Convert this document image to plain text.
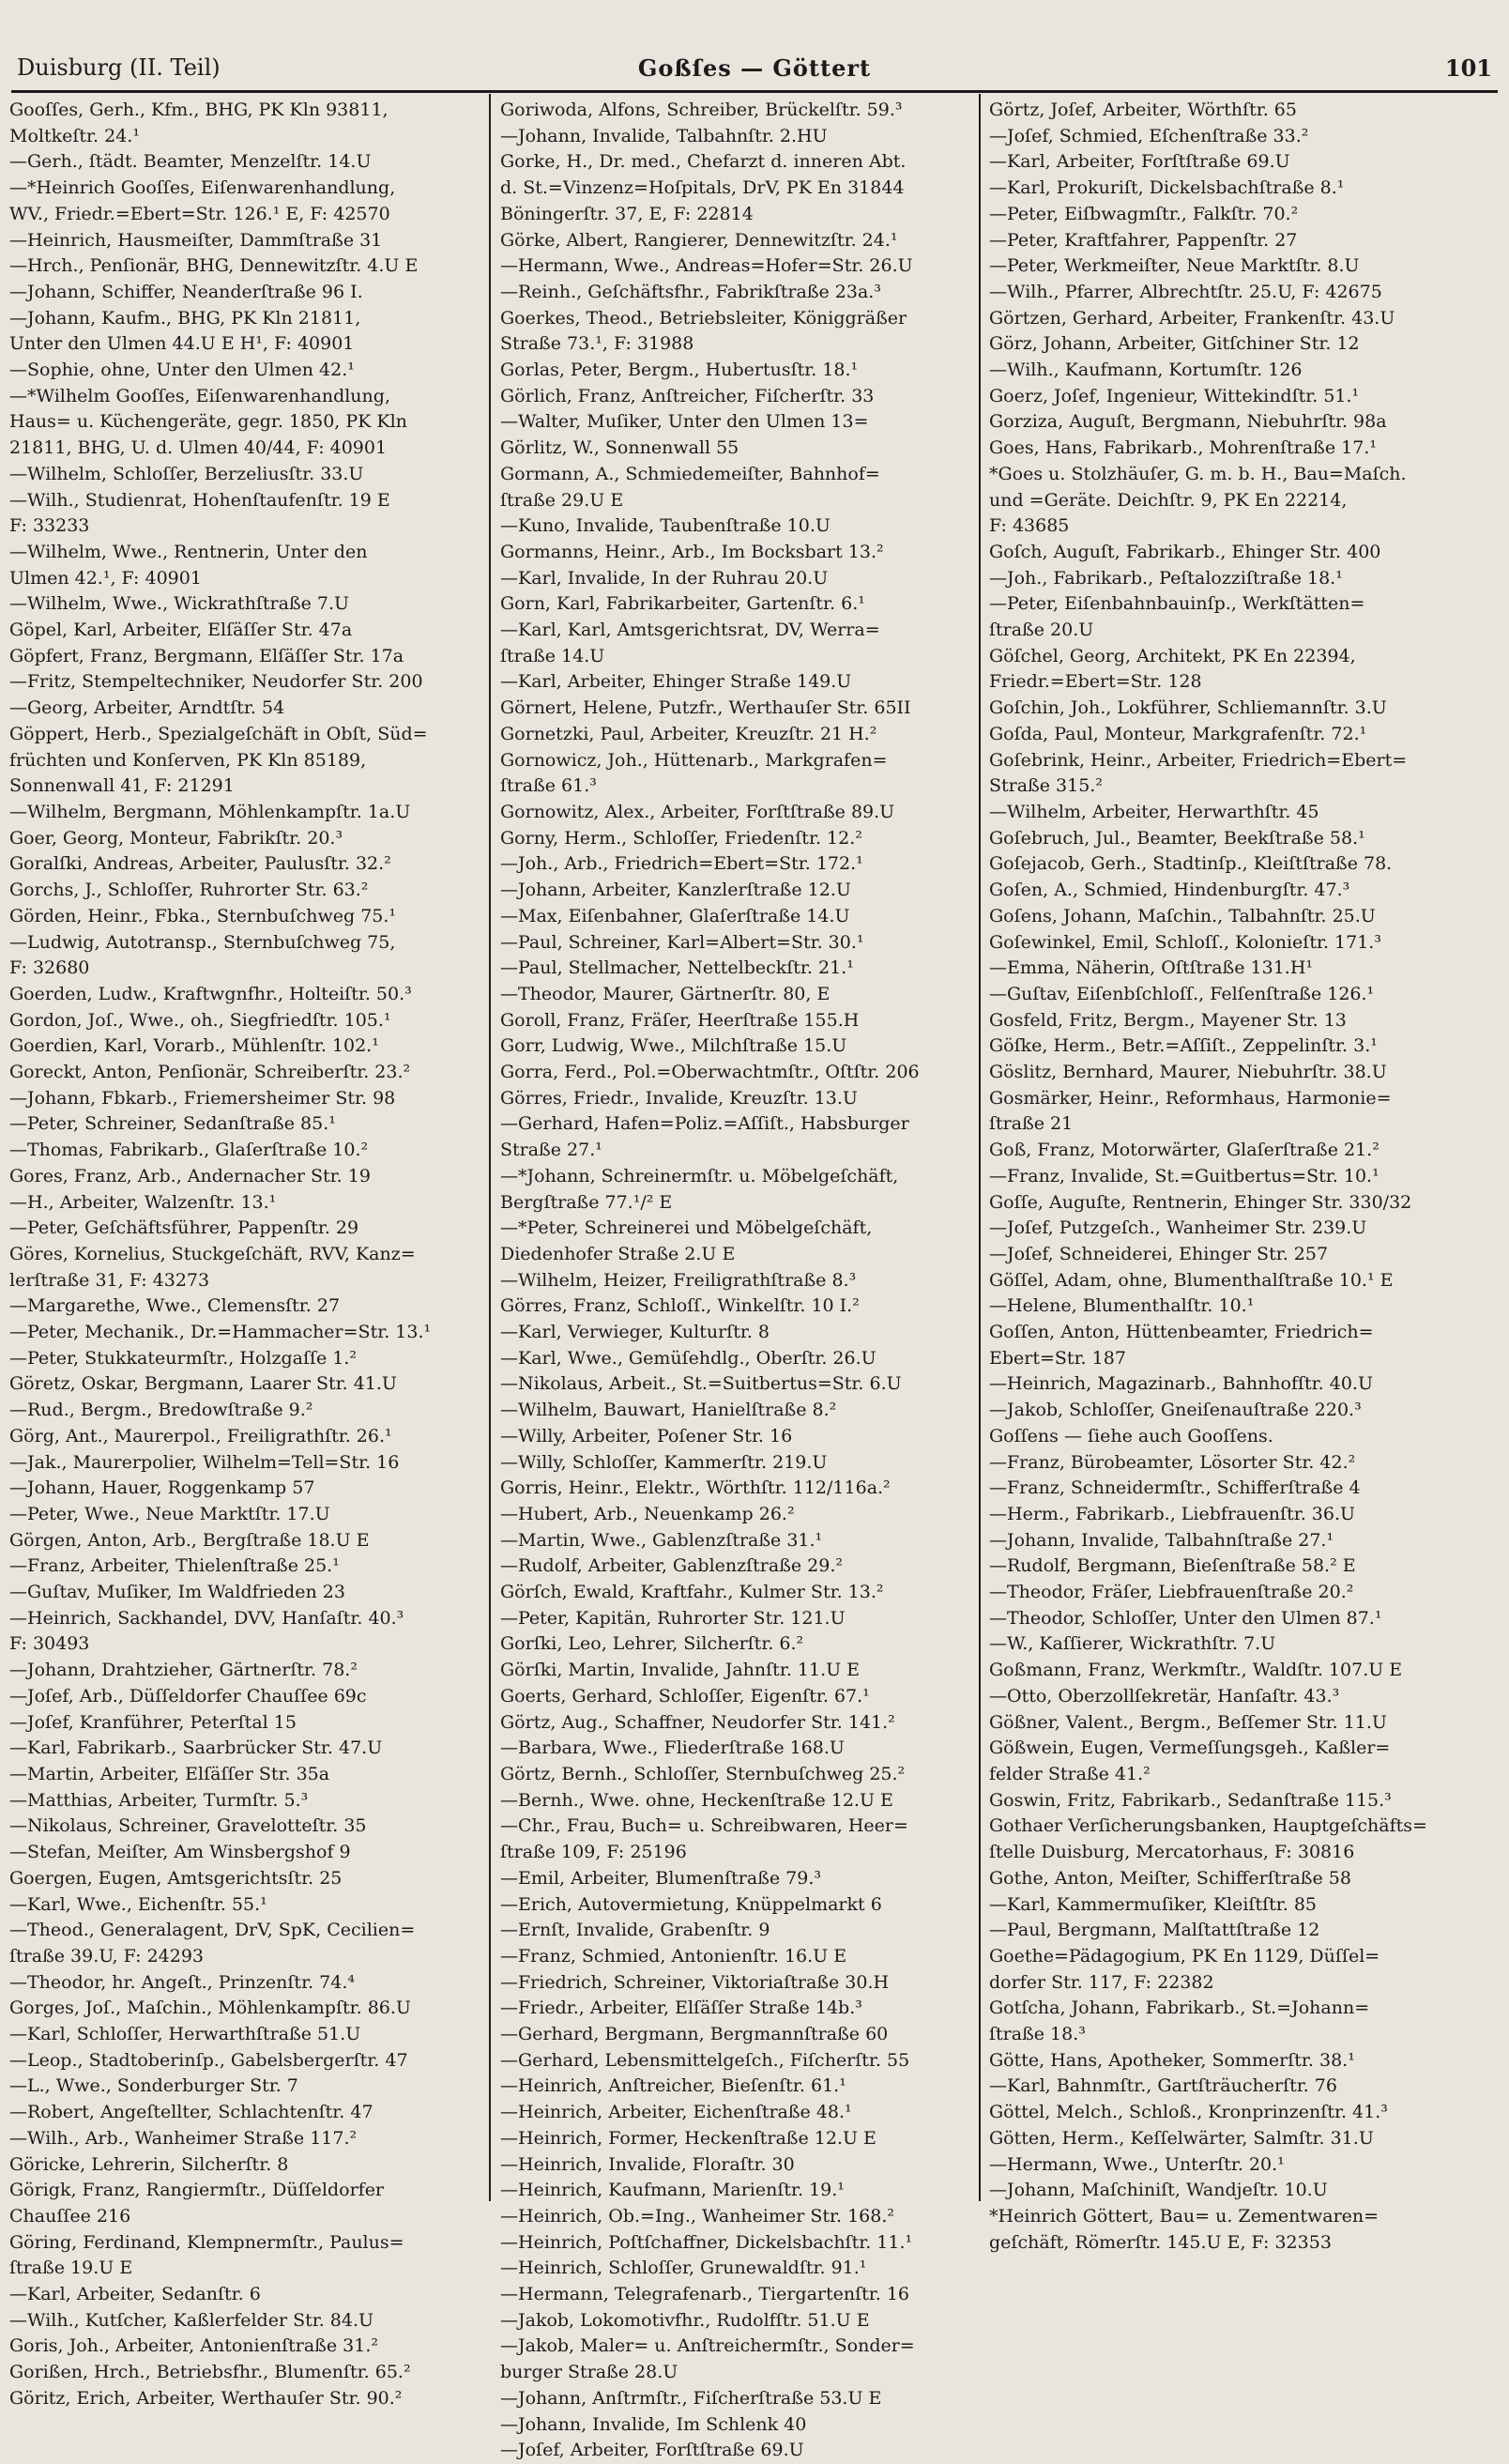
Duisburg (II. Teil)	Goßſes — Göttert	101

Gooſſes, Gerh., Kfm., BHG, PK Kln 93811,
Moltkeſtr. 24.¹

—Gerh., ſtädt. Beamter, Menzelſtr. 14.U

—*Heinrich Gooſſes, Eiſenwarenhandlung,
WV., Friedr.=Ebert=Str. 126.¹ E, F: 42570

—Heinrich, Hausmeiſter, Dammſtraße 31

—Hrch., Penſionär, BHG, Dennewitzſtr. 4.U E

—Johann, Schiffer, Neanderſtraße 96 I.

—Johann, Kaufm., BHG, PK Kln 21811,
Unter den Ulmen 44.U E H¹, F: 40901

—Sophie, ohne, Unter den Ulmen 42.¹

—*Wilhelm Gooſſes, Eiſenwarenhandlung,
Haus= u. Küchengeräte, gegr. 1850, PK Kln
21811, BHG, U. d. Ulmen 40/44, F: 40901

—Wilhelm, Schloſſer, Berzeliusſtr. 33.U

—Wilh., Studienrat, Hohenſtaufenſtr. 19 E
F: 33233

—Wilhelm, Wwe., Rentnerin, Unter den
Ulmen 42.¹, F: 40901

—Wilhelm, Wwe., Wickrathſtraße 7.U

Göpel, Karl, Arbeiter, Elſäſſer Str. 47a

Göpfert, Franz, Bergmann, Elſäſſer Str. 17a

—Fritz, Stempeltechniker, Neudorfer Str. 200

—Georg, Arbeiter, Arndtſtr. 54

Göppert, Herb., Spezialgeſchäft in Obſt, Süd=
früchten und Konſerven, PK Kln 85189,
Sonnenwall 41, F: 21291

—Wilhelm, Bergmann, Möhlenkampſtr. 1a.U

Goer, Georg, Monteur, Fabrikſtr. 20.³

Goralſki, Andreas, Arbeiter, Paulusſtr. 32.²

Gorchs, J., Schloſſer, Ruhrorter Str. 63.²

Görden, Heinr., Fbka., Sternbuſchweg 75.¹

—Ludwig, Autotransp., Sternbuſchweg 75,
F: 32680

Goerden, Ludw., Kraftwgnfhr., Holteiſtr. 50.³

Gordon, Joſ., Wwe., oh., Siegfriedſtr. 105.¹

Goerdien, Karl, Vorarb., Mühlenſtr. 102.¹

Goreckt, Anton, Penſionär, Schreiberſtr. 23.²

—Johann, Fbkarb., Friemersheimer Str. 98

—Peter, Schreiner, Sedanſtraße 85.¹

—Thomas, Fabrikarb., Glaſerſtraße 10.²

Gores, Franz, Arb., Andernacher Str. 19

—H., Arbeiter, Walzenſtr. 13.¹

—Peter, Geſchäftsführer, Pappenſtr. 29

Göres, Kornelius, Stuckgeſchäft, RVV, Kanz=
lerſtraße 31, F: 43273

—Margarethe, Wwe., Clemensſtr. 27

—Peter, Mechanik., Dr.=Hammacher=Str. 13.¹

—Peter, Stukkateurmſtr., Holzgaſſe 1.²

Göretz, Oskar, Bergmann, Laarer Str. 41.U

—Rud., Bergm., Bredowſtraße 9.²

Görg, Ant., Maurerpol., Freiligrathſtr. 26.¹

—Jak., Maurerpolier, Wilhelm=Tell=Str. 16

—Johann, Hauer, Roggenkamp 57

—Peter, Wwe., Neue Marktſtr. 17.U

Görgen, Anton, Arb., Bergſtraße 18.U E

—Franz, Arbeiter, Thielenſtraße 25.¹

—Guſtav, Muſiker, Im Waldfrieden 23

—Heinrich, Sackhandel, DVV, Hanſaſtr. 40.³
F: 30493

—Johann, Drahtzieher, Gärtnerſtr. 78.²

—Joſef, Arb., Düſſeldorfer Chauſſee 69c

—Joſef, Kranführer, Peterſtal 15

—Karl, Fabrikarb., Saarbrücker Str. 47.U

—Martin, Arbeiter, Elſäſſer Str. 35a

—Matthias, Arbeiter, Turmſtr. 5.³

—Nikolaus, Schreiner, Gravelotteſtr. 35

—Stefan, Meiſter, Am Winsbergshof 9

Goergen, Eugen, Amtsgerichtsſtr. 25

—Karl, Wwe., Eichenſtr. 55.¹

—Theod., Generalagent, DrV, SpK, Cecilien=
ſtraße 39.U, F: 24293

—Theodor, hr. Angeſt., Prinzenſtr. 74.⁴

Gorges, Joſ., Maſchin., Möhlenkampſtr. 86.U

—Karl, Schloſſer, Herwarthſtraße 51.U

—Leop., Stadtoberinſp., Gabelsbergerſtr. 47

—L., Wwe., Sonderburger Str. 7

—Robert, Angeſtellter, Schlachtenſtr. 47

—Wilh., Arb., Wanheimer Straße 117.²

Göricke, Lehrerin, Silcherſtr. 8

Görigk, Franz, Rangiermſtr., Düſſeldorfer
Chauſſee 216

Göring, Ferdinand, Klempnermſtr., Paulus=
ſtraße 19.U E

—Karl, Arbeiter, Sedanſtr. 6

—Wilh., Kutſcher, Kaßlerfelder Str. 84.U

Goris, Joh., Arbeiter, Antonienſtraße 31.²

Gorißen, Hrch., Betriebsfhr., Blumenſtr. 65.²

Göritz, Erich, Arbeiter, Werthauſer Str. 90.²

Goriwoda, Alfons, Schreiber, Brückelſtr. 59.³

—Johann, Invalide, Talbahnſtr. 2.HU

Gorke, H., Dr. med., Chefarzt d. inneren Abt.
d. St.=Vinzenz=Hoſpitals, DrV, PK En 31844
Böningerſtr. 37, E, F: 22814

Görke, Albert, Rangierer, Dennewitzſtr. 24.¹

—Hermann, Wwe., Andreas=Hofer=Str. 26.U

—Reinh., Geſchäftsfhr., Fabrikſtraße 23a.³

Goerkes, Theod., Betriebsleiter, Königgräßer
Straße 73.¹, F: 31988

Gorlas, Peter, Bergm., Hubertusſtr. 18.¹

Görlich, Franz, Anſtreicher, Fiſcherſtr. 33

—Walter, Muſiker, Unter den Ulmen 13=

Görlitz, W., Sonnenwall 55

Gormann, A., Schmiedemeiſter, Bahnhof=
ſtraße 29.U E

—Kuno, Invalide, Taubenſtraße 10.U

Gormanns, Heinr., Arb., Im Bocksbart 13.²

—Karl, Invalide, In der Ruhrau 20.U

Gorn, Karl, Fabrikarbeiter, Gartenſtr. 6.¹

—Karl, Karl, Amtsgerichtsrat, DV, Werra=
ſtraße 14.U

—Karl, Arbeiter, Ehinger Straße 149.U

Görnert, Helene, Putzfr., Werthauſer Str. 65II

Gornetzki, Paul, Arbeiter, Kreuzſtr. 21 H.²

Gornowicz, Joh., Hüttenarb., Markgrafen=
ſtraße 61.³

Gornowitz, Alex., Arbeiter, Forſtſtraße 89.U

Gorny, Herm., Schloſſer, Friedenſtr. 12.²

—Joh., Arb., Friedrich=Ebert=Str. 172.¹

—Johann, Arbeiter, Kanzlerſtraße 12.U

—Max, Eiſenbahner, Glaſerſtraße 14.U

—Paul, Schreiner, Karl=Albert=Str. 30.¹

—Paul, Stellmacher, Nettelbeckſtr. 21.¹

—Theodor, Maurer, Gärtnerſtr. 80, E

Goroll, Franz, Fräſer, Heerſtraße 155.H

Gorr, Ludwig, Wwe., Milchſtraße 15.U

Gorra, Ferd., Pol.=Oberwachtmſtr., Oſtſtr. 206

Görres, Friedr., Invalide, Kreuzſtr. 13.U

—Gerhard, Hafen=Poliz.=Aſſiſt., Habsburger
Straße 27.¹

—*Johann, Schreinermſtr. u. Möbelgeſchäft,
Bergſtraße 77.¹/² E

—*Peter, Schreinerei und Möbelgeſchäft,
Diedenhofer Straße 2.U E

—Wilhelm, Heizer, Freiligrathſtraße 8.³

Görres, Franz, Schloſſ., Winkelſtr. 10 I.²

—Karl, Verwieger, Kulturſtr. 8

—Karl, Wwe., Gemüſehdlg., Oberſtr. 26.U

—Nikolaus, Arbeit., St.=Suitbertus=Str. 6.U

—Wilhelm, Bauwart, Hanielſtraße 8.²

—Willy, Arbeiter, Poſener Str. 16

—Willy, Schloſſer, Kammerſtr. 219.U

Gorris, Heinr., Elektr., Wörthſtr. 112/116a.²

—Hubert, Arb., Neuenkamp 26.²

—Martin, Wwe., Gablenzſtraße 31.¹

—Rudolf, Arbeiter, Gablenzſtraße 29.²

Görſch, Ewald, Kraftfahr., Kulmer Str. 13.²

—Peter, Kapitän, Ruhrorter Str. 121.U

Gorſki, Leo, Lehrer, Silcherſtr. 6.²

Görſki, Martin, Invalide, Jahnſtr. 11.U E

Goerts, Gerhard, Schloſſer, Eigenſtr. 67.¹

Görtz, Aug., Schaffner, Neudorfer Str. 141.²

—Barbara, Wwe., Fliederſtraße 168.U

Görtz, Bernh., Schloſſer, Sternbuſchweg 25.²

—Bernh., Wwe. ohne, Heckenſtraße 12.U E

—Chr., Frau, Buch= u. Schreibwaren, Heer=
ſtraße 109, F: 25196

—Emil, Arbeiter, Blumenſtraße 79.³

—Erich, Autovermietung, Knüppelmarkt 6

—Ernſt, Invalide, Grabenſtr. 9

—Franz, Schmied, Antonienſtr. 16.U E

—Friedrich, Schreiner, Viktoriaſtraße 30.H

—Friedr., Arbeiter, Elſäſſer Straße 14b.³

—Gerhard, Bergmann, Bergmannſtraße 60

—Gerhard, Lebensmittelgeſch., Fiſcherſtr. 55

—Heinrich, Anſtreicher, Bieſenſtr. 61.¹

—Heinrich, Arbeiter, Eichenſtraße 48.¹

—Heinrich, Former, Heckenſtraße 12.U E

—Heinrich, Invalide, Floraſtr. 30

—Heinrich, Kaufmann, Marienſtr. 19.¹

—Heinrich, Ob.=Ing., Wanheimer Str. 168.²

—Heinrich, Poſtſchaffner, Dickelsbachſtr. 11.¹

—Heinrich, Schloſſer, Grunewaldſtr. 91.¹

—Hermann, Telegrafenarb., Tiergartenſtr. 16

—Jakob, Lokomotivfhr., Rudolfſtr. 51.U E

—Jakob, Maler= u. Anſtreichermſtr., Sonder=
burger Straße 28.U

—Johann, Anſtrmſtr., Fiſcherſtraße 53.U E

—Johann, Invalide, Im Schlenk 40

—Joſef, Arbeiter, Forſtſtraße 69.U

Görtz, Joſef, Arbeiter, Wörthſtr. 65

—Joſef, Schmied, Eſchenſtraße 33.²

—Karl, Arbeiter, Forſtſtraße 69.U

—Karl, Prokuriſt, Dickelsbachſtraße 8.¹

—Peter, Eiſbwagmſtr., Falkſtr. 70.²

—Peter, Kraftfahrer, Pappenſtr. 27

—Peter, Werkmeiſter, Neue Marktſtr. 8.U

—Wilh., Pfarrer, Albrechtſtr. 25.U, F: 42675

Görtzen, Gerhard, Arbeiter, Frankenſtr. 43.U

Görz, Johann, Arbeiter, Gitſchiner Str. 12

—Wilh., Kaufmann, Kortumſtr. 126

Goerz, Joſef, Ingenieur, Wittekindſtr. 51.¹

Gorziza, Auguſt, Bergmann, Niebuhrſtr. 98a

Goes, Hans, Fabrikarb., Mohrenſtraße 17.¹

*Goes u. Stolzhäuſer, G. m. b. H., Bau=Maſch.
und =Geräte. Deichſtr. 9, PK En 22214,
F: 43685

Goſch, Auguſt, Fabrikarb., Ehinger Str. 400

—Joh., Fabrikarb., Peſtalozziſtraße 18.¹

—Peter, Eiſenbahnbauinſp., Werkſtätten=
ſtraße 20.U

Göſchel, Georg, Architekt, PK En 22394,
Friedr.=Ebert=Str. 128

Goſchin, Joh., Lokführer, Schliemannſtr. 3.U

Goſda, Paul, Monteur, Markgrafenſtr. 72.¹

Goſebrink, Heinr., Arbeiter, Friedrich=Ebert=
Straße 315.²

—Wilhelm, Arbeiter, Herwarthſtr. 45

Goſebruch, Jul., Beamter, Beekſtraße 58.¹

Goſejacob, Gerh., Stadtinſp., Kleiſtſtraße 78.

Goſen, A., Schmied, Hindenburgſtr. 47.³

Goſens, Johann, Maſchin., Talbahnſtr. 25.U

Goſewinkel, Emil, Schloſſ., Kolonieſtr. 171.³

—Emma, Näherin, Oſtſtraße 131.H¹

—Guſtav, Eiſenbſchloſſ., Felſenſtraße 126.¹

Gosfeld, Fritz, Bergm., Mayener Str. 13

Göſke, Herm., Betr.=Aſſiſt., Zeppelinſtr. 3.¹

Göslitz, Bernhard, Maurer, Niebuhrſtr. 38.U

Gosmärker, Heinr., Reformhaus, Harmonie=
ſtraße 21

Goß, Franz, Motorwärter, Glaſerſtraße 21.²

—Franz, Invalide, St.=Guitbertus=Str. 10.¹

Goſſe, Auguſte, Rentnerin, Ehinger Str. 330/32

—Joſef, Putzgeſch., Wanheimer Str. 239.U

—Joſef, Schneiderei, Ehinger Str. 257

Göſſel, Adam, ohne, Blumenthalſtraße 10.¹ E

—Helene, Blumenthalſtr. 10.¹

Goſſen, Anton, Hüttenbeamter, Friedrich=
Ebert=Str. 187

—Heinrich, Magazinarb., Bahnhofſtr. 40.U

—Jakob, Schloſſer, Gneiſenauſtraße 220.³

Goſſens — ſiehe auch Gooſſens.

—Franz, Bürobeamter, Lösorter Str. 42.²

—Franz, Schneidermſtr., Schifferſtraße 4

—Herm., Fabrikarb., Liebfrauenſtr. 36.U

—Johann, Invalide, Talbahnſtraße 27.¹

—Rudolf, Bergmann, Bieſenſtraße 58.² E

—Theodor, Fräſer, Liebfrauenſtraße 20.²

—Theodor, Schloſſer, Unter den Ulmen 87.¹

—W., Kaſſierer, Wickrathſtr. 7.U

Goßmann, Franz, Werkmſtr., Waldſtr. 107.U E

—Otto, Oberzollſekretär, Hanſaſtr. 43.³

Gößner, Valent., Bergm., Beſſemer Str. 11.U

Gößwein, Eugen, Vermeſſungsgeh., Kaßler=
felder Straße 41.²

Goswin, Fritz, Fabrikarb., Sedanſtraße 115.³

Gothaer Verſicherungsbanken, Hauptgeſchäfts=
ſtelle Duisburg, Mercatorhaus, F: 30816

Gothe, Anton, Meiſter, Schifferſtraße 58

—Karl, Kammermuſiker, Kleiſtſtr. 85

—Paul, Bergmann, Malſtattſtraße 12

Goethe=Pädagogium, PK En 1129, Düſſel=
dorfer Str. 117, F: 22382

Gotſcha, Johann, Fabrikarb., St.=Johann=
ſtraße 18.³

Götte, Hans, Apotheker, Sommerſtr. 38.¹

—Karl, Bahnmſtr., Gartſträucherſtr. 76

Göttel, Melch., Schloß., Kronprinzenſtr. 41.³

Götten, Herm., Keſſelwärter, Salmſtr. 31.U

—Hermann, Wwe., Unterſtr. 20.¹

—Johann, Maſchiniſt, Wandjeſtr. 10.U

*Heinrich Göttert, Bau= u. Zementwaren=
geſchäft, Römerſtr. 145.U E, F: 32353
